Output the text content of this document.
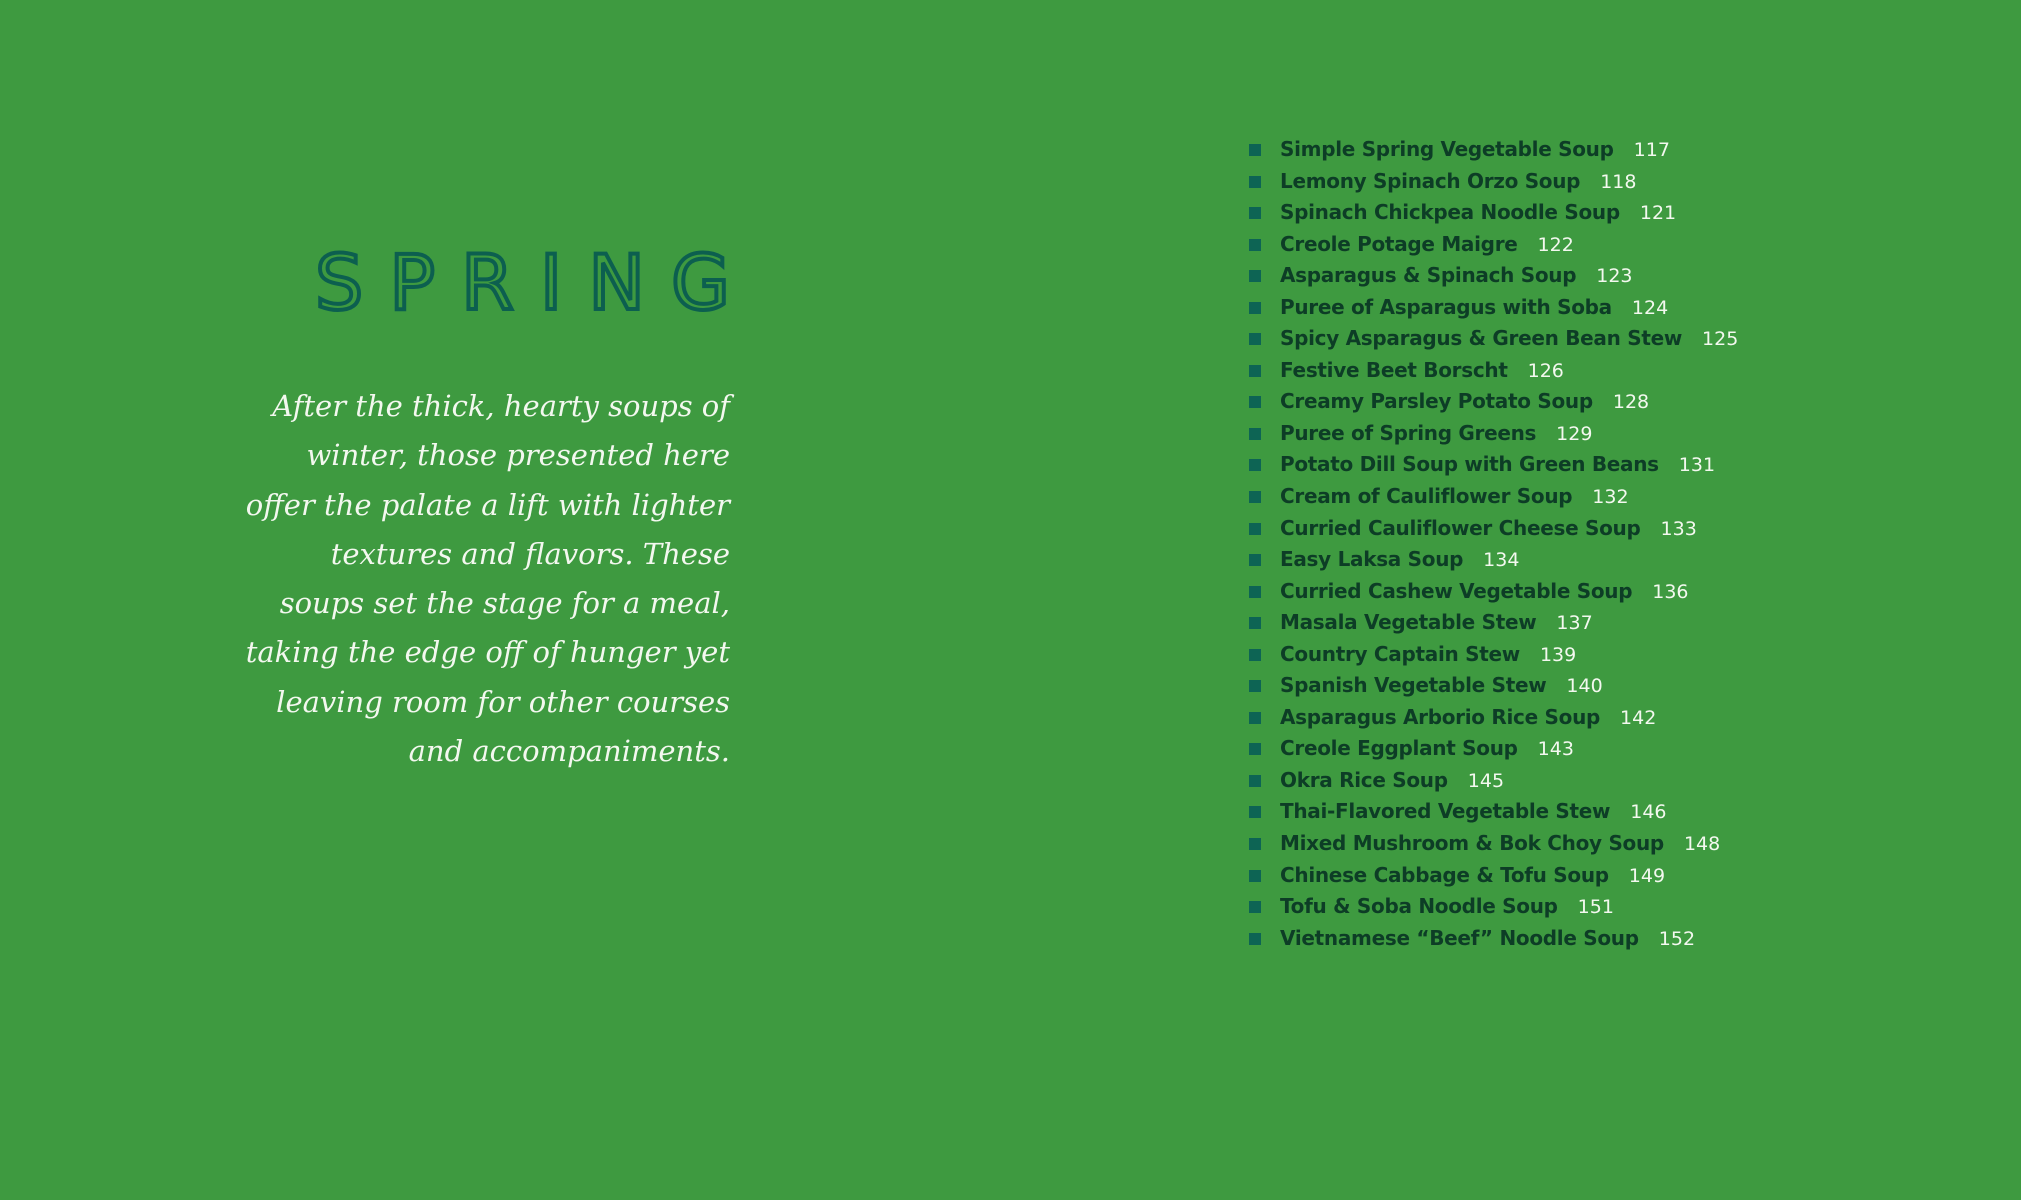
SPRING

After the thick, hearty soups of winter, those presented here offer the palate a lift with lighter textures and flavors. These soups set the stage for a meal, taking the edge off of hunger yet leaving room for other courses and accompaniments.

Simple Spring Vegetable Soup 117
Lemony Spinach Orzo Soup 118
Spinach Chickpea Noodle Soup 121
Creole Potage Maigre 122
Asparagus & Spinach Soup 123
Puree of Asparagus with Soba 124
Spicy Asparagus & Green Bean Stew 125
Festive Beet Borscht 126
Creamy Parsley Potato Soup 128
Puree of Spring Greens 129
Potato Dill Soup with Green Beans 131
Cream of Cauliflower Soup 132
Curried Cauliflower Cheese Soup 133
Easy Laksa Soup 134
Curried Cashew Vegetable Soup 136
Masala Vegetable Stew 137
Country Captain Stew 139
Spanish Vegetable Stew 140
Asparagus Arborio Rice Soup 142
Creole Eggplant Soup 143
Okra Rice Soup 145
Thai-Flavored Vegetable Stew 146
Mixed Mushroom & Bok Choy Soup 148
Chinese Cabbage & Tofu Soup 149
Tofu & Soba Noodle Soup 151
Vietnamese “Beef” Noodle Soup 152
